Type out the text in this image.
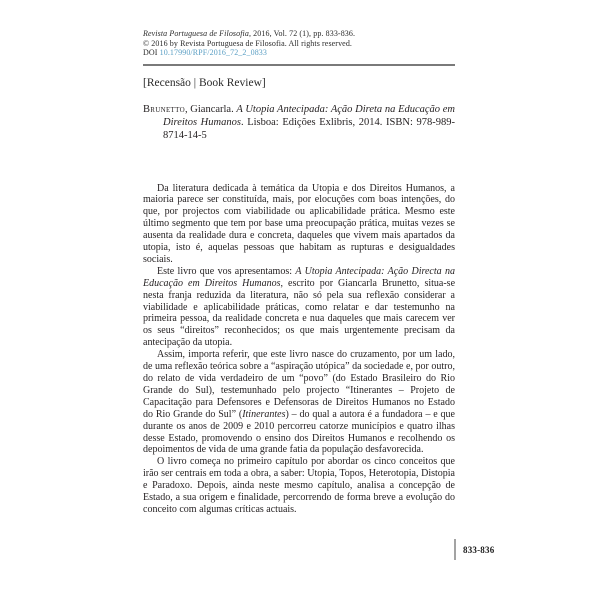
Revista Portuguesa de Filosofia, 2016, Vol. 72 (1), pp. 833-836.

© 2016 by Revista Portuguesa de Filosofia. All rights reserved.

DOI 10.17990/RPF/2016_72_2_0833

[Recensão | Book Review]

Brunetto, Giancarla. A Utopia Antecipada: Ação Direta na Educação em Direitos Humanos. Lisboa: Edições Exlibris, 2014. ISBN: 978-989-8714-14-5

Da literatura dedicada à temática da Utopia e dos Direitos Humanos, a maioria parece ser constituída, mais, por elocuções com boas intenções, do que, por projectos com viabilidade ou aplicabilidade prática. Mesmo este último segmento que tem por base uma preocupação prática, muitas vezes se ausenta da realidade dura e concreta, daqueles que vivem mais apartados da utopia, isto é, aquelas pessoas que habitam as rupturas e desigualdades sociais.

Este livro que vos apresentamos: A Utopia Antecipada: Ação Directa na Educação em Direitos Humanos, escrito por Giancarla Brunetto, situa-se nesta franja reduzida da literatura, não só pela sua reflexão considerar a viabilidade e aplicabilidade práticas, como relatar e dar testemunho na primeira pessoa, da realidade concreta e nua daqueles que mais carecem ver os seus “direitos” reconhecidos; os que mais urgentemente precisam da antecipação da utopia.

Assim, importa referir, que este livro nasce do cruzamento, por um lado, de uma reflexão teórica sobre a “aspiração utópica” da sociedade e, por outro, do relato de vida verdadeiro de um “povo” (do Estado Brasileiro do Rio Grande do Sul), testemunhado pelo projecto “Itinerantes – Projeto de Capacitação para Defensores e Defensoras de Direitos Humanos no Estado do Rio Grande do Sul” (Itinerantes) – do qual a autora é a fundadora – e que durante os anos de 2009 e 2010 percorreu catorze municípios e quatro ilhas desse Estado, promovendo o ensino dos Direitos Humanos e recolhendo os depoimentos de vida de uma grande fatia da população desfavorecida.

O livro começa no primeiro capítulo por abordar os cinco conceitos que irão ser centrais em toda a obra, a saber: Utopia, Topos, Heterotopia, Distopia e Paradoxo. Depois, ainda neste mesmo capítulo, analisa a concepção de Estado, a sua origem e finalidade, percorrendo de forma breve a evolução do conceito com algumas críticas actuais.

833-836
